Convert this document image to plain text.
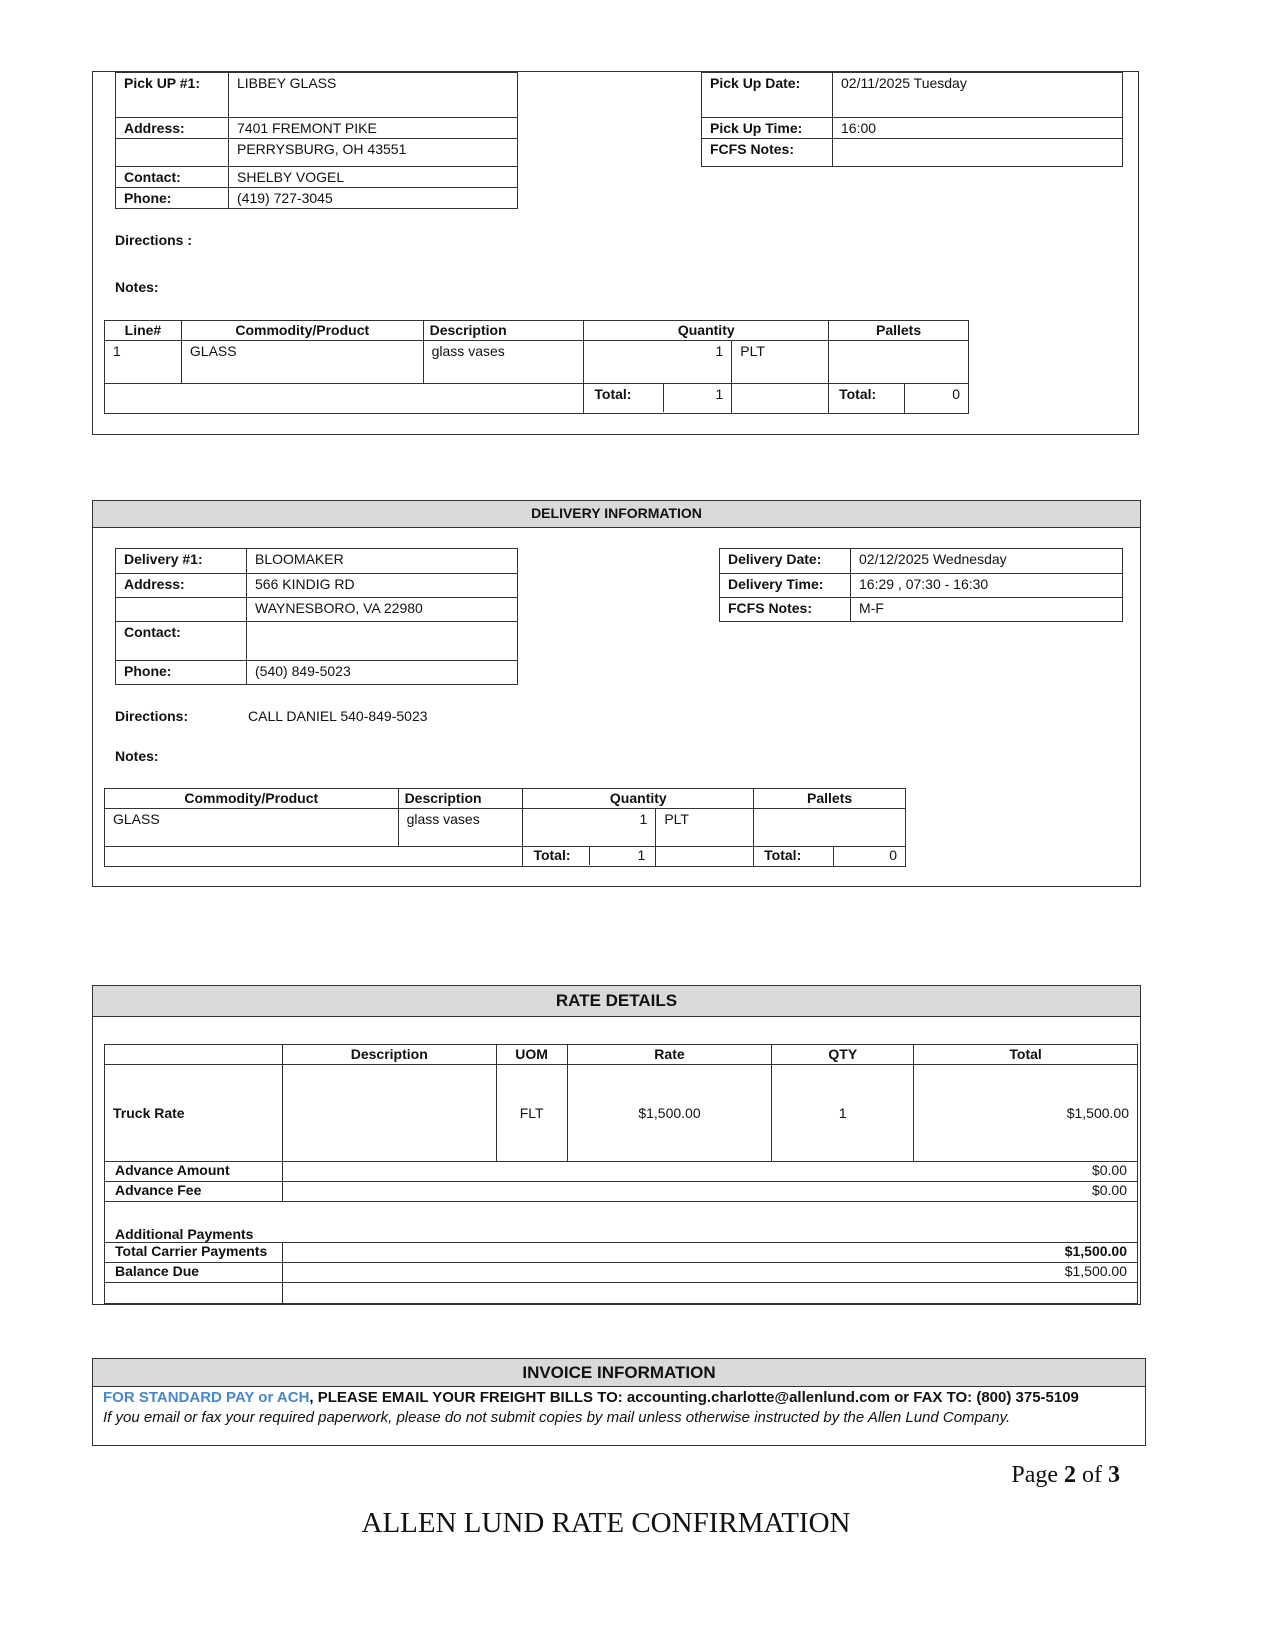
Pick UP #1:	LIBBEY GLASS
Address:	7401 FREMONT PIKE
	PERRYSBURG, OH 43551
Contact:	SHELBY VOGEL
Phone:	(419) 727-3045
Pick Up Date:	02/11/2025 Tuesday
Pick Up Time:	16:00
FCFS Notes:	
Directions :
Notes:
Line#	Commodity/Product	Description	Quantity		Pallets	
1	GLASS	glass vases	1	PLT		

			Total: 1		Total:	0
DELIVERY INFORMATION
Delivery #1:	BLOOMAKER
Address:	566 KINDIG RD
	WAYNESBORO, VA 22980
Contact:	
Phone:	(540) 849-5023
Delivery Date:	02/12/2025 Wednesday
Delivery Time:	16:29 , 07:30 - 16:30
FCFS Notes:	M-F
Directions:	CALL DANIEL 540-849-5023
Notes:
Commodity/Product	Description	Quantity		Pallets	
GLASS	glass vases	1	PLT		

		Total: 1		Total:	0
RATE DETAILS
	Description	UOM	Rate	QTY	Total
Truck Rate		FLT	$1,500.00	1	$1,500.00
Advance Amount	$0.00				
Advance Fee	$0.00				
Additional Payments					
Total Carrier Payments	$1,500.00				
Balance Due	$1,500.00				

INVOICE INFORMATION
FOR STANDARD PAY or ACH, PLEASE EMAIL YOUR FREIGHT BILLS TO: accounting.charlotte@allenlund.com or FAX TO: (800) 375-5109
If you email or fax your required paperwork, please do not submit copies by mail unless otherwise instructed by the Allen Lund Company.
Page 2 of 3
ALLEN LUND RATE CONFIRMATION
